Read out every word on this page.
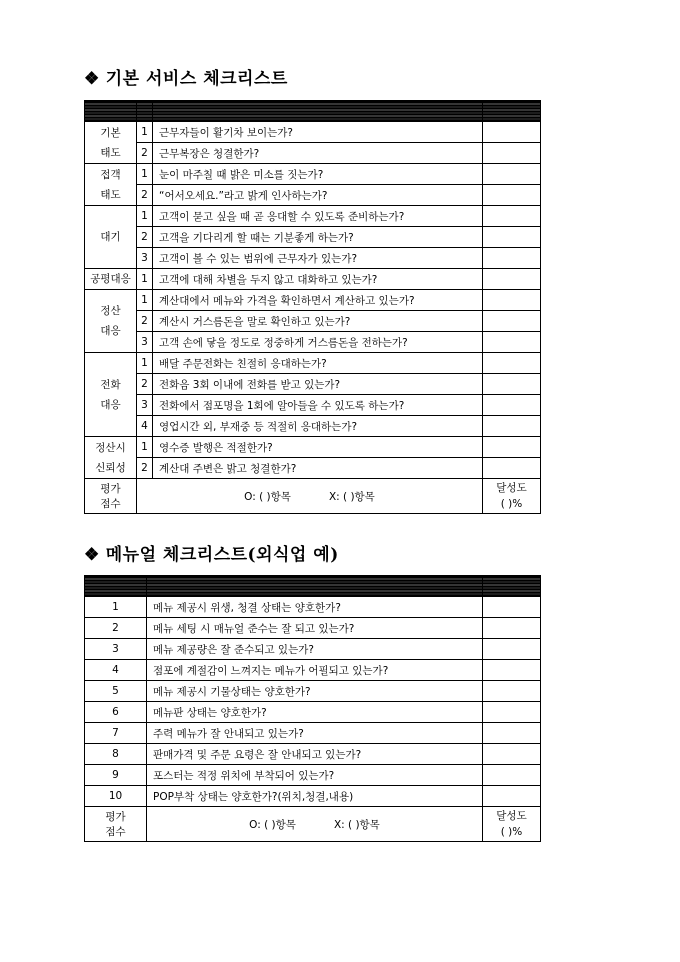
❖ 기본 서비스 체크리스트

기본
태도	1	근무자들이 활기차 보이는가?	
	2	근무복장은 청결한가?	
접객
태도	1	눈이 마주칠 때 밝은 미소를 짓는가?	
	2	“어서오세요.”라고 밝게 인사하는가?	
대기	1	고객이 묻고 싶을 때 곧 응대할 수 있도록 준비하는가?	
	2	고객을 기다리게 할 때는 기분좋게 하는가?	
	3	고객이 볼 수 있는 범위에 근무자가 있는가?	
공평대응	1	고객에 대해 차별을 두지 않고 대화하고 있는가?	
정산
대응	1	계산대에서 메뉴와 가격을 확인하면서 계산하고 있는가?	
	2	계산시 거스름돈을 말로 확인하고 있는가?	
	3	고객 손에 닿을 정도로 정중하게 거스름돈을 전하는가?	
전화
대응	1	배달 주문전화는 친절히 응대하는가?	
	2	전화음 3회 이내에 전화를 받고 있는가?	
	3	전화에서 점포명을 1회에 알아들을 수 있도록 하는가?	
	4	영업시간 외, 부재중 등 적절히 응대하는가?	
정산시
신뢰성	1	영수증 발행은 적절한가?	
	2	계산대 주변은 밝고 청결한가?	
평가
점수	O: ( )항목 X: ( )항목		달성도
( )%
❖ 메뉴얼 체크리스트(외식업 예)

1	메뉴 제공시 위생, 청결 상태는 양호한가?	
2	메뉴 세팅 시 매뉴얼 준수는 잘 되고 있는가?	
3	메뉴 제공량은 잘 준수되고 있는가?	
4	점포에 계절감이 느껴지는 메뉴가 어필되고 있는가?	
5	메뉴 제공시 기물상태는 양호한가?	
6	메뉴판 상태는 양호한가?	
7	주력 메뉴가 잘 안내되고 있는가?	
8	판매가격 및 주문 요령은 잘 안내되고 있는가?	
9	포스터는 적정 위치에 부착되어 있는가?	
10	POP부착 상태는 양호한가?(위치,청결,내용)	
평가
점수	O: ( )항목 X: ( )항목	달성도
( )%
